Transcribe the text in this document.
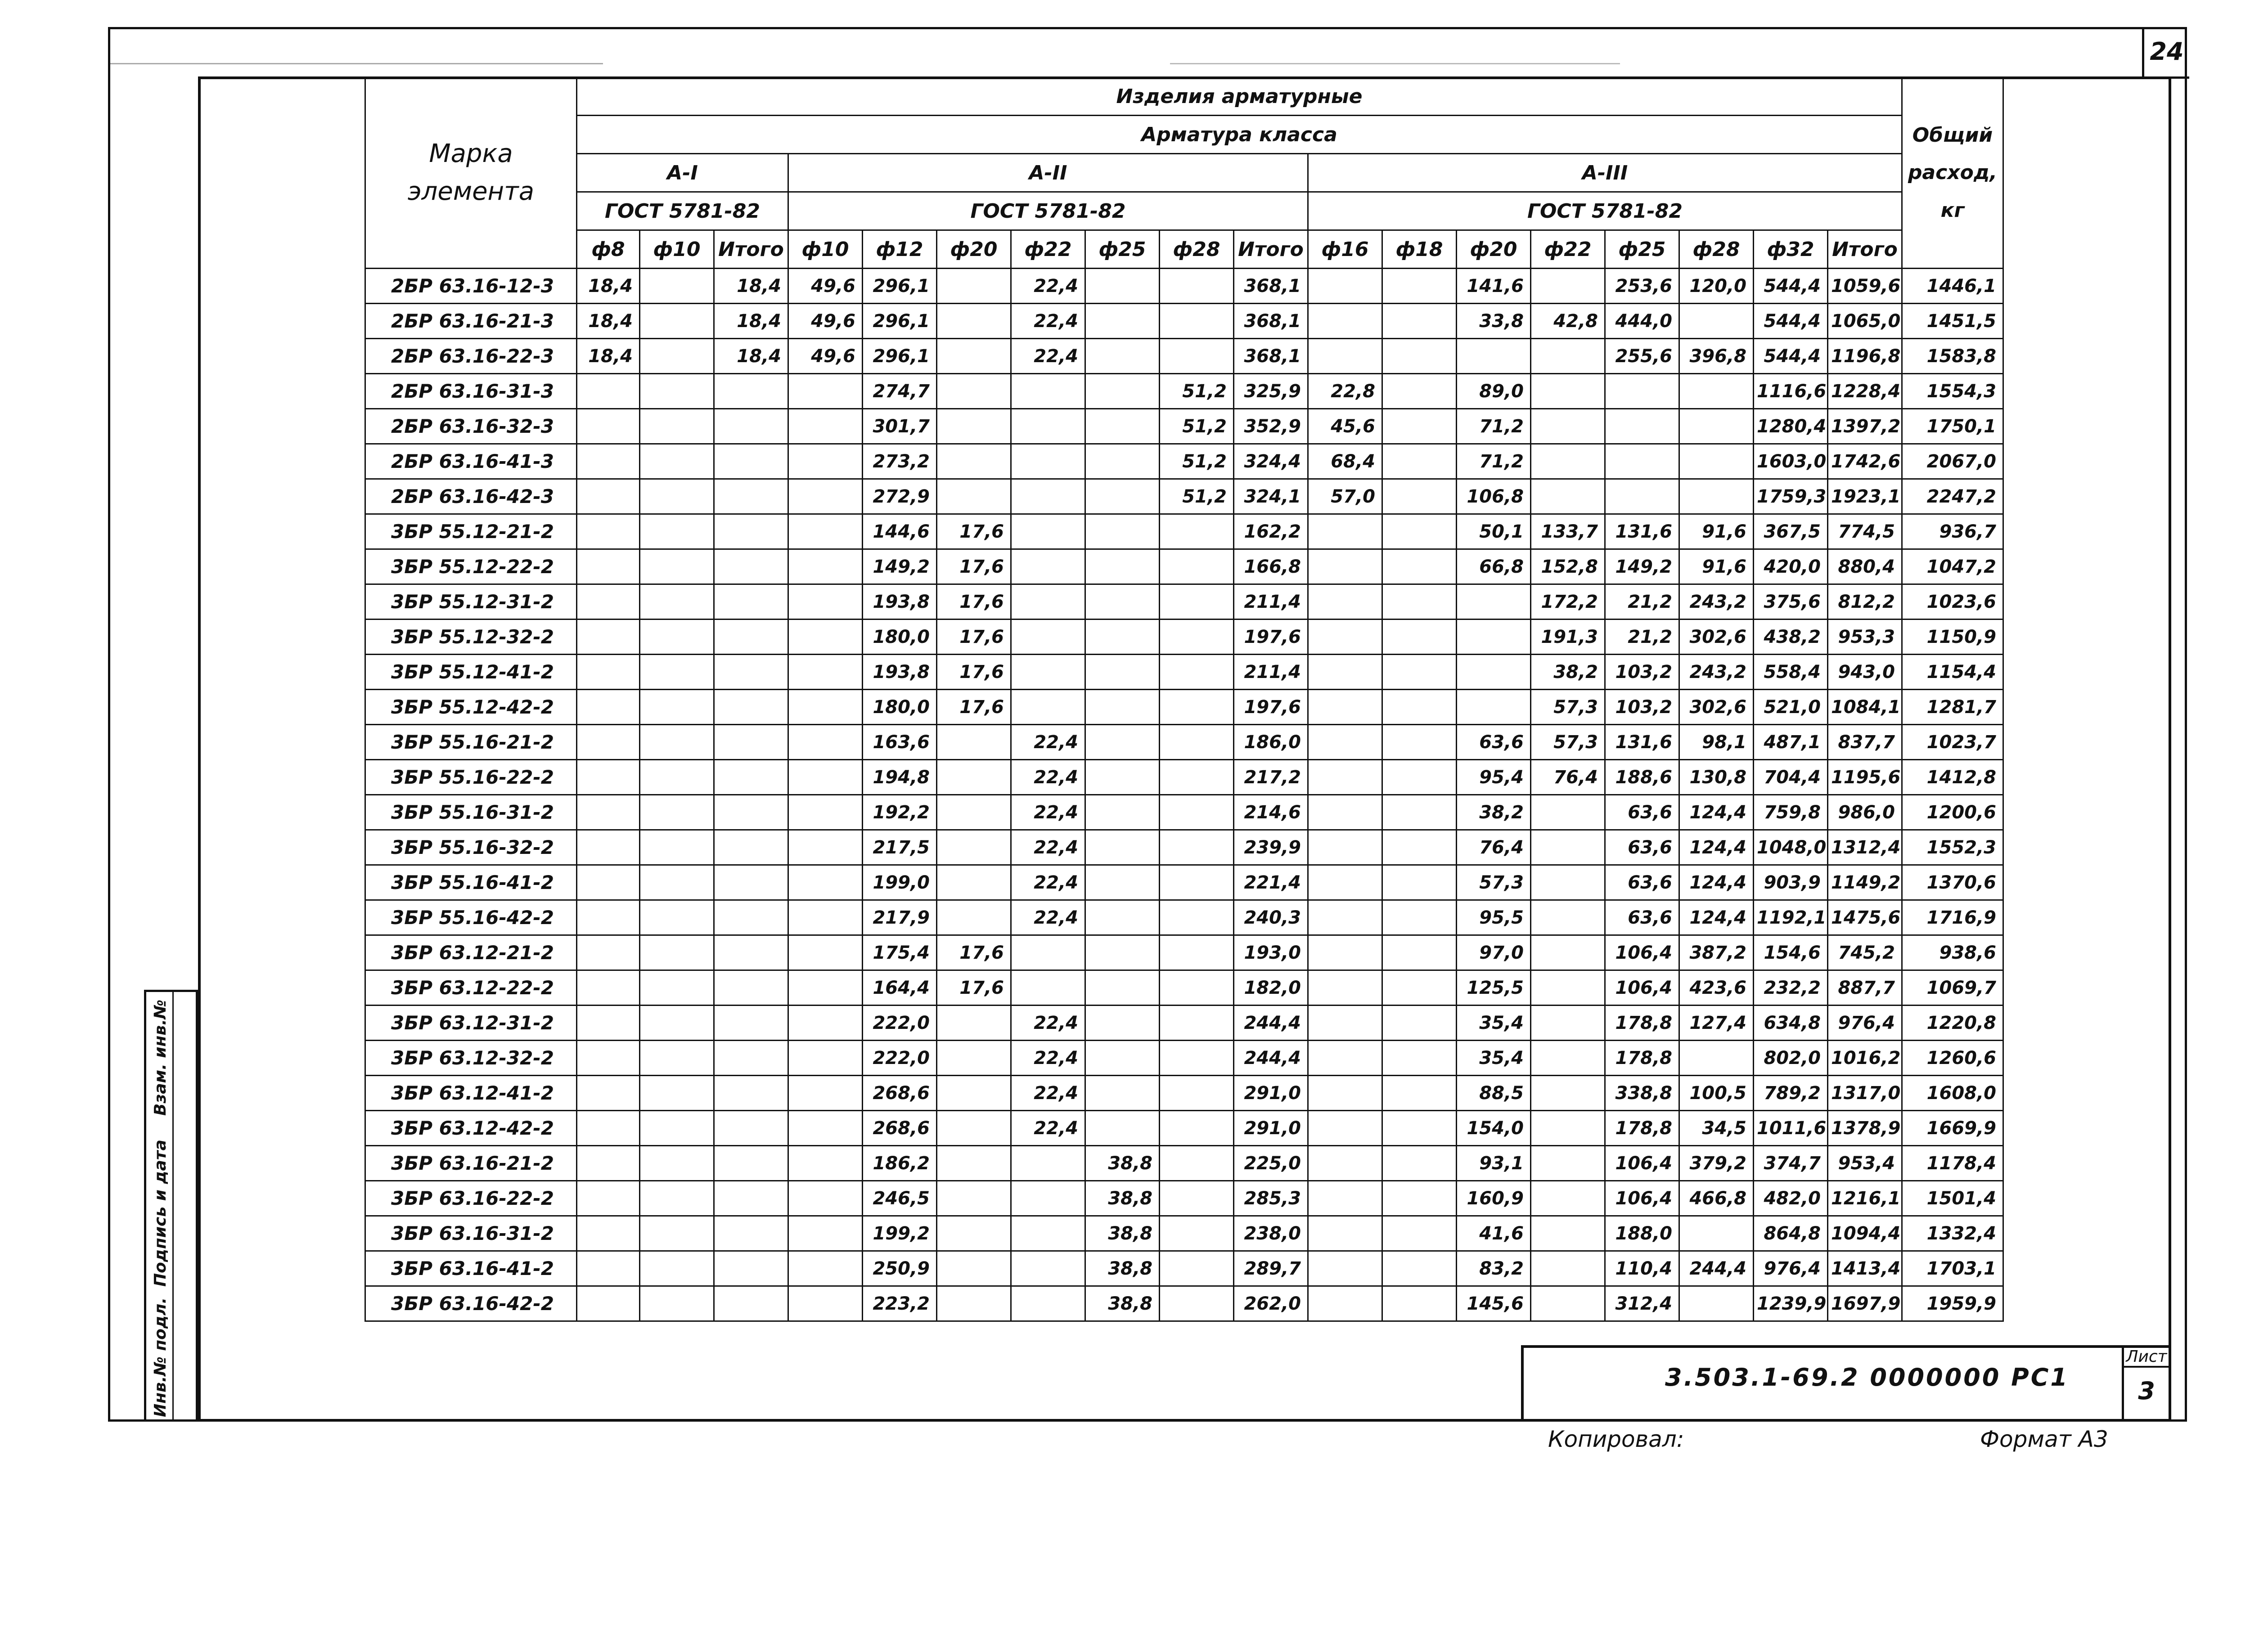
24
Марка элемента	Изделия арматурные																		Общий расход,
кг
	Арматура класса																		
	A-I			A-II							A-III								
	ГОСТ 5781-82			ГОСТ 5781-82							ГОСТ 5781-82								
	ф8	ф10	Итого	ф10	ф12	ф20	ф22	ф25	ф28	Итого	ф16	ф18	ф20	ф22	ф25	ф28	ф32	Итого	
2БР 63.16-12-3	18,4		18,4	49,6	296,1		22,4			368,1			141,6		253,6	120,0	544,4	1059,6	1446,1
2БР 63.16-21-3	18,4		18,4	49,6	296,1		22,4			368,1			33,8	42,8	444,0		544,4	1065,0	1451,5
2БР 63.16-22-3	18,4		18,4	49,6	296,1		22,4			368,1					255,6	396,8	544,4	1196,8	1583,8
2БР 63.16-31-3					274,7				51,2	325,9	22,8		89,0				1116,6	1228,4	1554,3
2БР 63.16-32-3					301,7				51,2	352,9	45,6		71,2				1280,4	1397,2	1750,1
2БР 63.16-41-3					273,2				51,2	324,4	68,4		71,2				1603,0	1742,6	2067,0
2БР 63.16-42-3					272,9				51,2	324,1	57,0		106,8				1759,3	1923,1	2247,2
3БР 55.12-21-2					144,6	17,6				162,2			50,1	133,7	131,6	91,6	367,5	774,5	936,7
3БР 55.12-22-2					149,2	17,6				166,8			66,8	152,8	149,2	91,6	420,0	880,4	1047,2
3БР 55.12-31-2					193,8	17,6				211,4				172,2	21,2	243,2	375,6	812,2	1023,6
3БР 55.12-32-2					180,0	17,6				197,6				191,3	21,2	302,6	438,2	953,3	1150,9
3БР 55.12-41-2					193,8	17,6				211,4				38,2	103,2	243,2	558,4	943,0	1154,4
3БР 55.12-42-2					180,0	17,6				197,6				57,3	103,2	302,6	521,0	1084,1	1281,7
3БР 55.16-21-2					163,6		22,4			186,0			63,6	57,3	131,6	98,1	487,1	837,7	1023,7
3БР 55.16-22-2					194,8		22,4			217,2			95,4	76,4	188,6	130,8	704,4	1195,6	1412,8
3БР 55.16-31-2					192,2		22,4			214,6			38,2		63,6	124,4	759,8	986,0	1200,6
3БР 55.16-32-2					217,5		22,4			239,9			76,4		63,6	124,4	1048,0	1312,4	1552,3
3БР 55.16-41-2					199,0		22,4			221,4			57,3		63,6	124,4	903,9	1149,2	1370,6
3БР 55.16-42-2					217,9		22,4			240,3			95,5		63,6	124,4	1192,1	1475,6	1716,9
3БР 63.12-21-2					175,4	17,6				193,0			97,0		106,4	387,2	154,6	745,2	938,6
3БР 63.12-22-2					164,4	17,6				182,0			125,5		106,4	423,6	232,2	887,7	1069,7
3БР 63.12-31-2					222,0		22,4			244,4			35,4		178,8	127,4	634,8	976,4	1220,8
3БР 63.12-32-2					222,0		22,4			244,4			35,4		178,8		802,0	1016,2	1260,6
3БР 63.12-41-2					268,6		22,4			291,0			88,5		338,8	100,5	789,2	1317,0	1608,0
3БР 63.12-42-2					268,6		22,4			291,0			154,0		178,8	34,5	1011,6	1378,9	1669,9
3БР 63.16-21-2					186,2			38,8		225,0			93,1		106,4	379,2	374,7	953,4	1178,4
3БР 63.16-22-2					246,5			38,8		285,3			160,9		106,4	466,8	482,0	1216,1	1501,4
3БР 63.16-31-2					199,2			38,8		238,0			41,6		188,0		864,8	1094,4	1332,4
3БР 63.16-41-2					250,9			38,8		289,7			83,2		110,4	244,4	976,4	1413,4	1703,1
3БР 63.16-42-2					223,2			38,8		262,0			145,6		312,4		1239,9	1697,9	1959,9
3.503.1-69.2 0000000 РС1
Лист
3
Инв.№ подл.
Подпись и дата
Взам. инв.№
Копировал:	Формат А3
